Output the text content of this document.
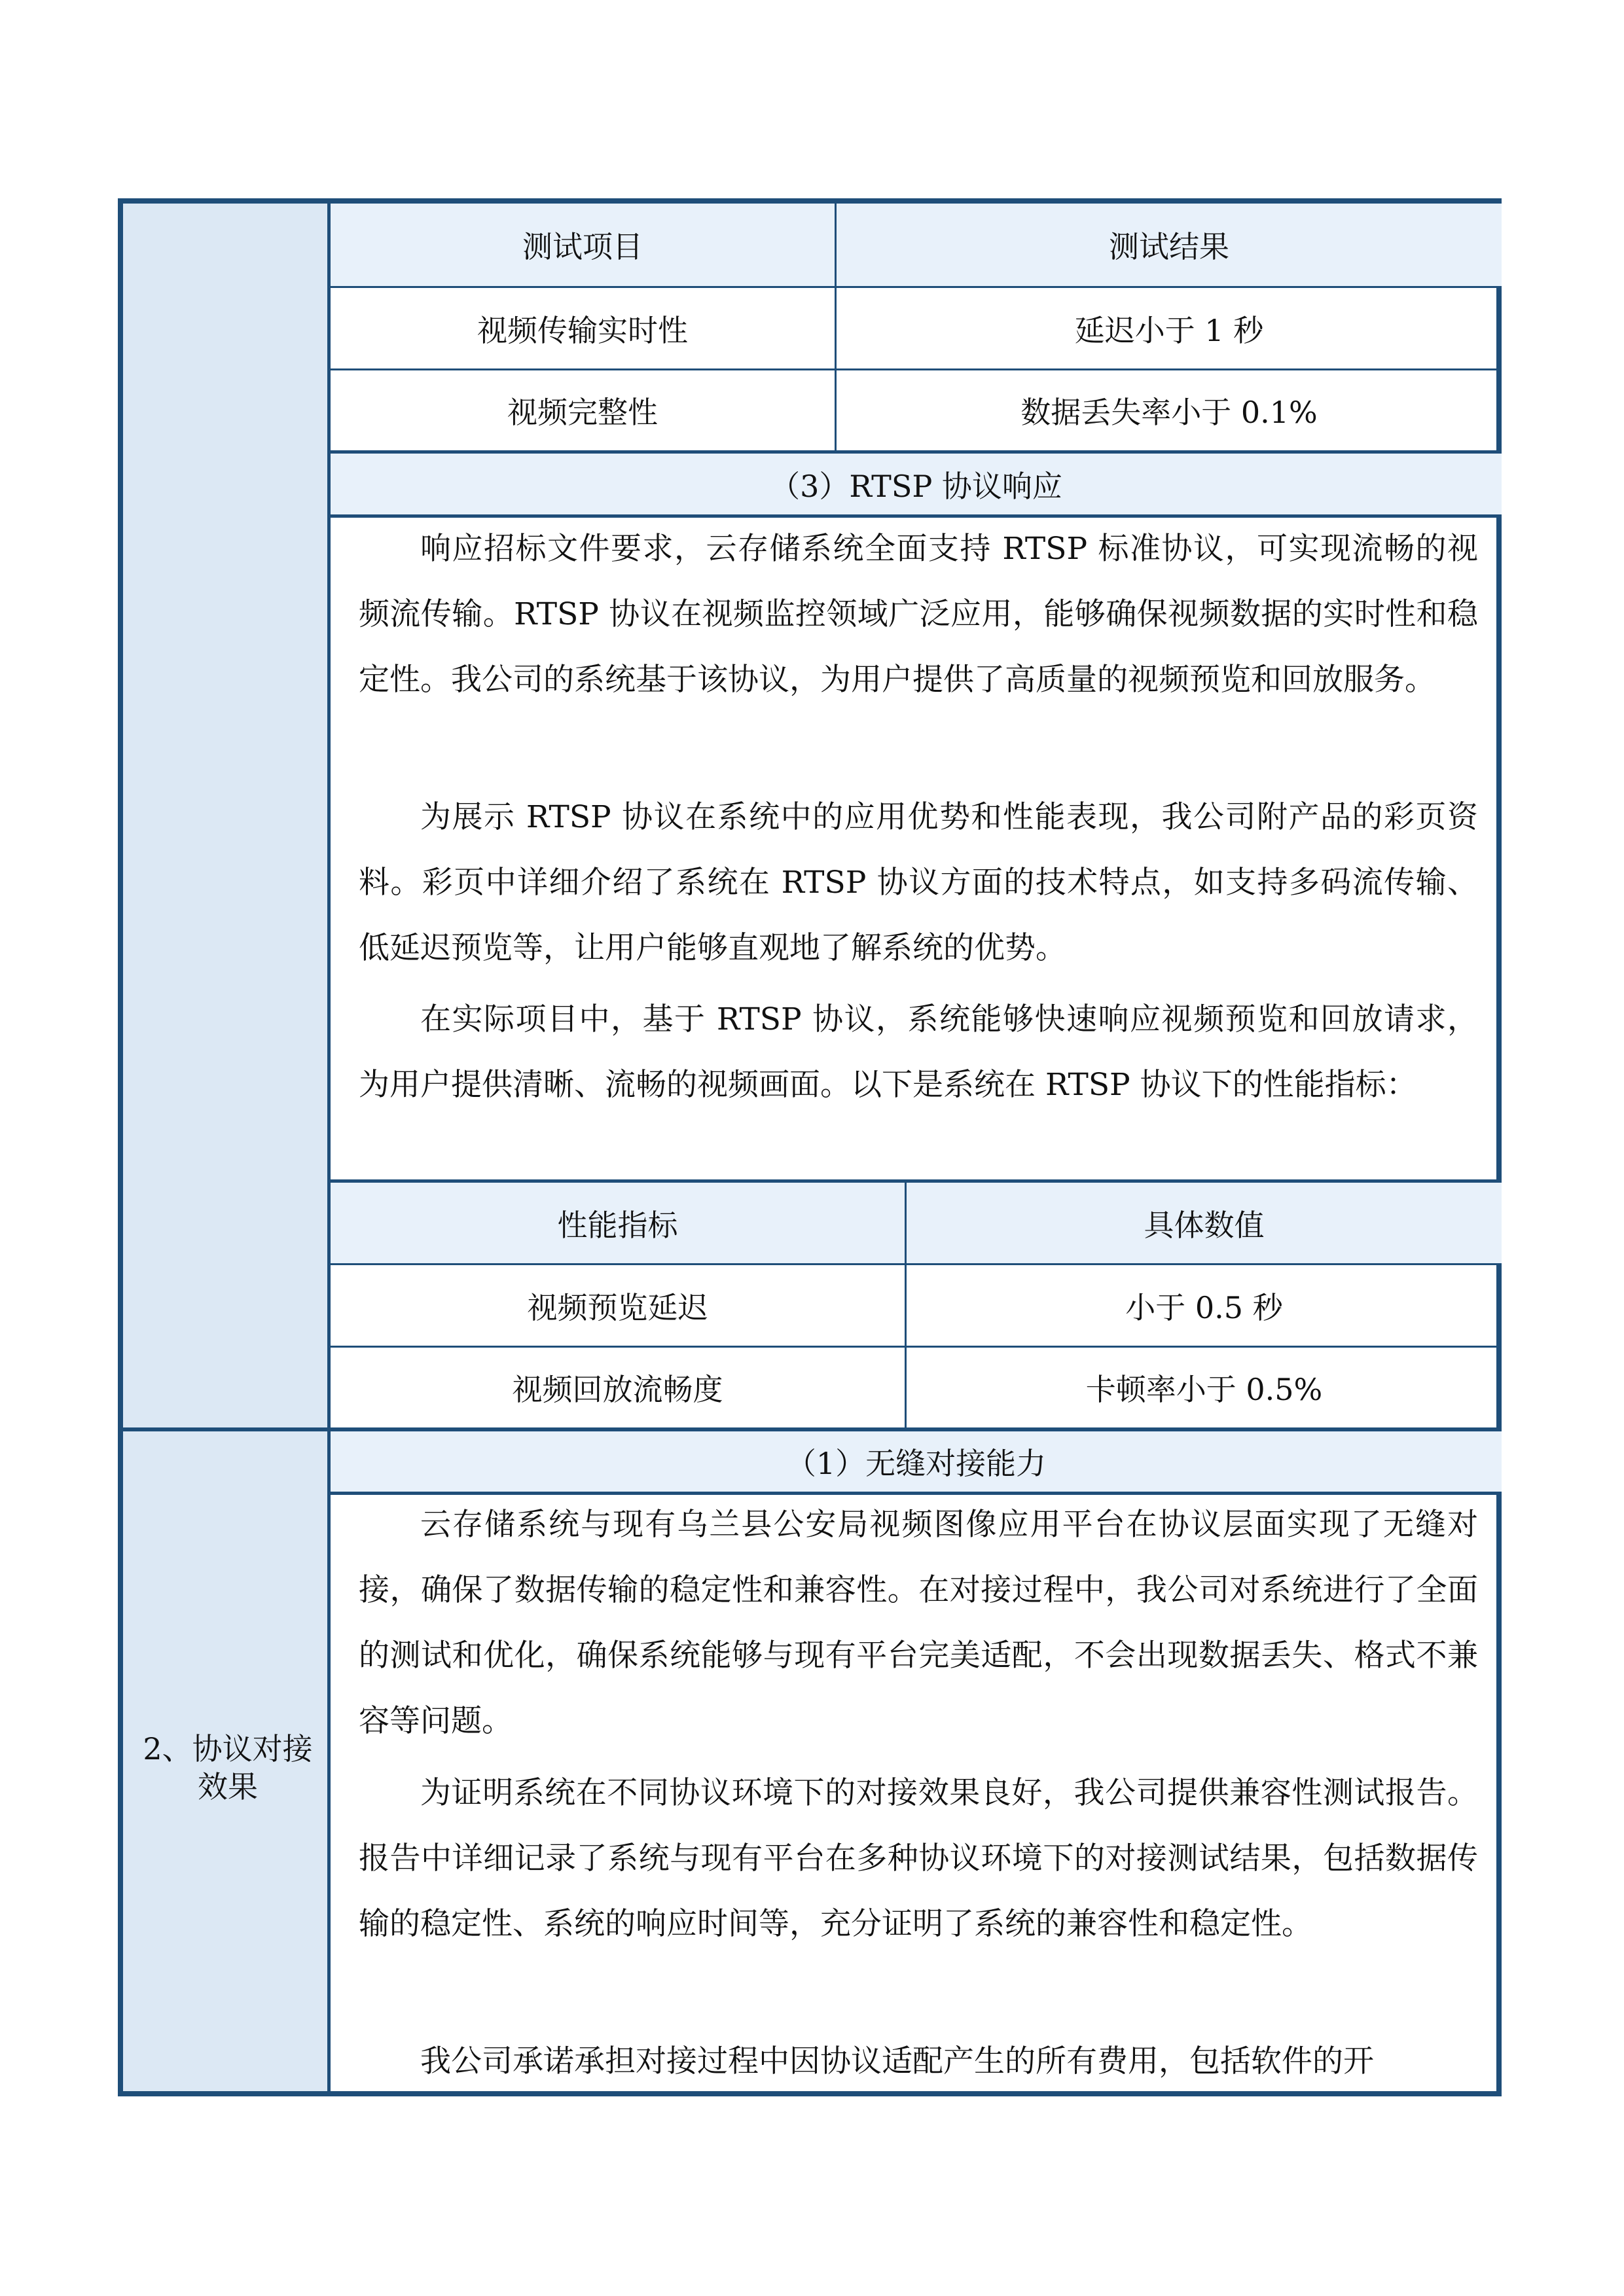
测试项目	测试结果
视频传输实时性	延迟小于 1 秒
视频完整性	数据丢失率小于 0.1%
（3）RTSP 协议响应

响应招标文件要求，云存储系统全面支持 RTSP 标准协议，可实现流畅的视频流传输。RTSP 协议在视频监控领域广泛应用，能够确保视频数据的实时性和稳定性。我公司的系统基于该协议，为用户提供了高质量的视频预览和回放服务。

为展示 RTSP 协议在系统中的应用优势和性能表现，我公司附产品的彩页资料。彩页中详细介绍了系统在 RTSP 协议方面的技术特点，如支持多码流传输、低延迟预览等，让用户能够直观地了解系统的优势。

在实际项目中，基于 RTSP 协议，系统能够快速响应视频预览和回放请求，为用户提供清晰、流畅的视频画面。以下是系统在 RTSP 协议下的性能指标：

性能指标	具体数值
视频预览延迟	小于 0.5 秒
视频回放流畅度	卡顿率小于 0.5%
2、协议对接效果
（1）无缝对接能力

云存储系统与现有乌兰县公安局视频图像应用平台在协议层面实现了无缝对接，确保了数据传输的稳定性和兼容性。在对接过程中，我公司对系统进行了全面的测试和优化，确保系统能够与现有平台完美适配，不会出现数据丢失、格式不兼容等问题。

为证明系统在不同协议环境下的对接效果良好，我公司提供兼容性测试报告。报告中详细记录了系统与现有平台在多种协议环境下的对接测试结果，包括数据传输的稳定性、系统的响应时间等，充分证明了系统的兼容性和稳定性。

我公司承诺承担对接过程中因协议适配产生的所有费用，包括软件的开
